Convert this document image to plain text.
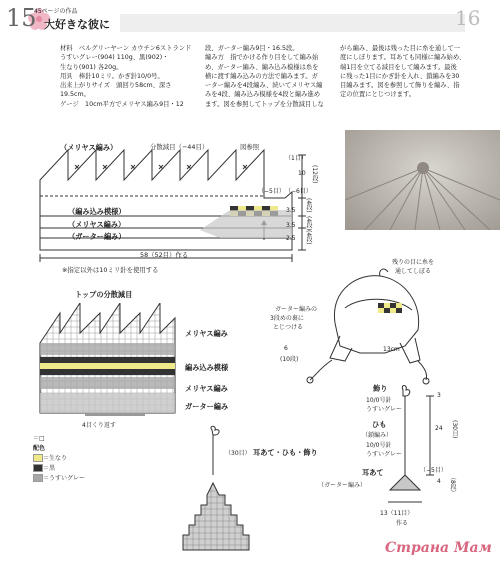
15
45ページの作品
大好きな彼に	16
材料　ベルグリーヤーン カウチン6ストランド うすいグレー(904) 110g、黒(902)・
生なり(901) 各20g。
用具　棒針10ミリ。かぎ針10/0号。
出来上がりサイズ　頭回り58cm、深さ
19.5cm。
ゲージ　10cm平方でメリヤス編み9目・12
段、ガーター編み9目・16.5段。
編み方　指でかける作り目をして編み始
め、ガーター編み、編み込み模様は糸を
横に渡す編み込みの方法で編みます。ガ
ーター編みを4段編み、続いてメリヤス編
みを4段、編み込み模様を4段と編み進め
ます。図を参照してトップを分散減目しな
がら編み、最後は残った目に糸を通して一
度にしぼります。耳あても同様に編み始め、
端1目を立てる減目をして編みます。最後
に残った1目にかぎ針を入れ、鎖編みを30
目編みます。図を参照して飾りを編み、指
定の位置にとじつけます。
（メリヤス編み）	分散減目（−44目）	図参照
（編み込み模様）
（メリヤス編み）
（ガーター編み）
（1目）
（−5目） （−6目）
10 (12段)
3.5
3.5
2.5
(4段)
(4段)
(4段)
58（52目）作る
※指定以外は10ミリ針を使用する
残りの目に糸を
通してしぼる
ガーター編みの
3段めの裏に
とじつける
13cm
6
(10段)
トップの分散減目
メリヤス編み
編み込み模様
メリヤス編み
ガーター編み
4目くり返す
＝□
配色
＝生なり
＝黒
＝うすいグレー
耳あて・ひも・飾り
（30目）
飾り
10/0号針
うすいグレー
ひも
（鎖編み）
10/0号針
うすいグレー
耳あて
（ガーター編み）
3
24 (30目)
（−5目）
4 （8段）
13（11目）
作る
Страна Мам
